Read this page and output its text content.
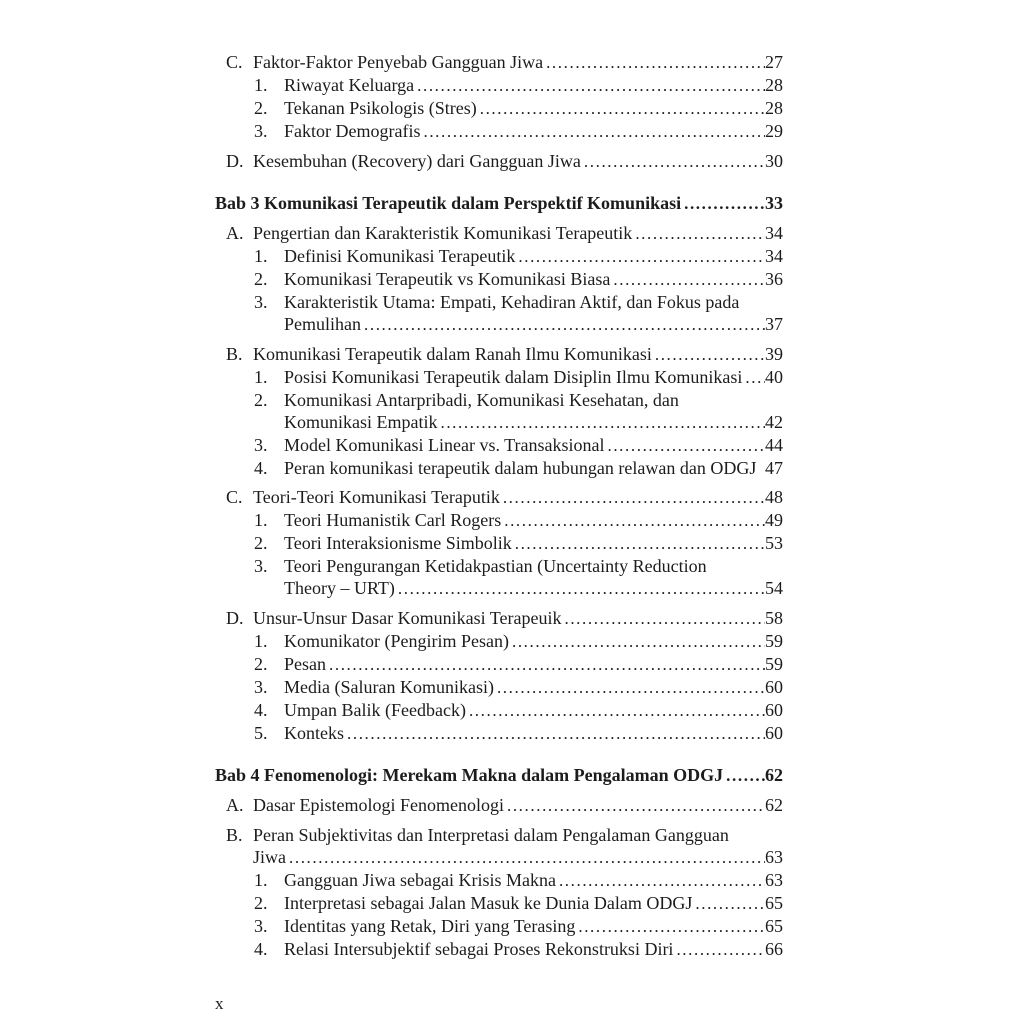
C. Faktor-Faktor Penyebab Gangguan Jiwa .....	27
1. Riwayat Keluarga .....	28
2. Tekanan Psikologis (Stres) .....	28
3. Faktor Demografis .....	29
D. Kesembuhan (Recovery) dari Gangguan Jiwa .....	30
Bab 3 Komunikasi Terapeutik dalam Perspektif Komunikasi .....	33
A. Pengertian dan Karakteristik Komunikasi Terapeutik .....	34
1. Definisi Komunikasi Terapeutik .....	34
2. Komunikasi Terapeutik vs Komunikasi Biasa .....	36
3. Karakteristik Utama: Empati, Kehadiran Aktif, dan Fokus pada
Pemulihan .....	37
B. Komunikasi Terapeutik dalam Ranah Ilmu Komunikasi .....	39
1. Posisi Komunikasi Terapeutik dalam Disiplin Ilmu Komunikasi ..... 40
2. Komunikasi Antarpribadi, Komunikasi Kesehatan, dan
Komunikasi Empatik .....	42
3. Model Komunikasi Linear vs. Transaksional .....	44
4. Peran komunikasi terapeutik dalam hubungan relawan dan ODGJ 47
C. Teori-Teori Komunikasi Teraputik .....	48
1. Teori Humanistik Carl Rogers .....	49
2. Teori Interaksionisme Simbolik .....	53
3. Teori Pengurangan Ketidakpastian (Uncertainty Reduction
Theory – URT) .....	54
D. Unsur-Unsur Dasar Komunikasi Terapeuik .....	58
1. Komunikator (Pengirim Pesan) .....	59
2. Pesan .....	59
3. Media (Saluran Komunikasi) .....	60
4. Umpan Balik (Feedback) .....	60
5. Konteks .....	60
Bab 4 Fenomenologi: Merekam Makna dalam Pengalaman ODGJ ..... 62
A. Dasar Epistemologi Fenomenologi .....	62
B. Peran Subjektivitas dan Interpretasi dalam Pengalaman Gangguan
Jiwa .....	63
1. Gangguan Jiwa sebagai Krisis Makna .....	63
2. Interpretasi sebagai Jalan Masuk ke Dunia Dalam ODGJ .....	65
3. Identitas yang Retak, Diri yang Terasing .....	65
4. Relasi Intersubjektif sebagai Proses Rekonstruksi Diri .....	66
x
